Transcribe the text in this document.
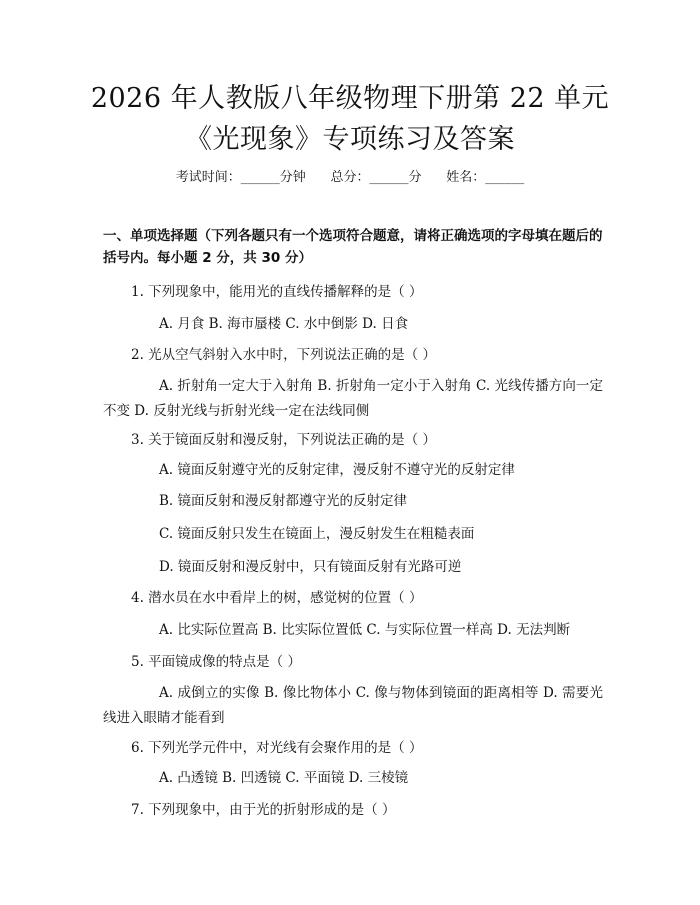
2026 年人教版八年级物理下册第 22 单元
《光现象》专项练习及答案
考试时间：______分钟      总分：______分      姓名：______
一、单项选择题（下列各题只有一个选项符合题意，请将正确选项的字母填在题后的括号内。每小题 2 分，共 30 分）
1. 下列现象中，能用光的直线传播解释的是（ ）
A. 月食 B. 海市蜃楼 C. 水中倒影 D. 日食
2. 光从空气斜射入水中时，下列说法正确的是（ ）
A. 折射角一定大于入射角 B. 折射角一定小于入射角 C. 光线传播方向一定不变 D. 反射光线与折射光线一定在法线同侧
3. 关于镜面反射和漫反射，下列说法正确的是（ ）
A. 镜面反射遵守光的反射定律，漫反射不遵守光的反射定律
B. 镜面反射和漫反射都遵守光的反射定律
C. 镜面反射只发生在镜面上，漫反射发生在粗糙表面
D. 镜面反射和漫反射中，只有镜面反射有光路可逆
4. 潜水员在水中看岸上的树，感觉树的位置（ ）
A. 比实际位置高 B. 比实际位置低 C. 与实际位置一样高 D. 无法判断
5. 平面镜成像的特点是（ ）
A. 成倒立的实像 B. 像比物体小 C. 像与物体到镜面的距离相等 D. 需要光线进入眼睛才能看到
6. 下列光学元件中，对光线有会聚作用的是（ ）
A. 凸透镜 B. 凹透镜 C. 平面镜 D. 三棱镜
7. 下列现象中，由于光的折射形成的是（ ）
